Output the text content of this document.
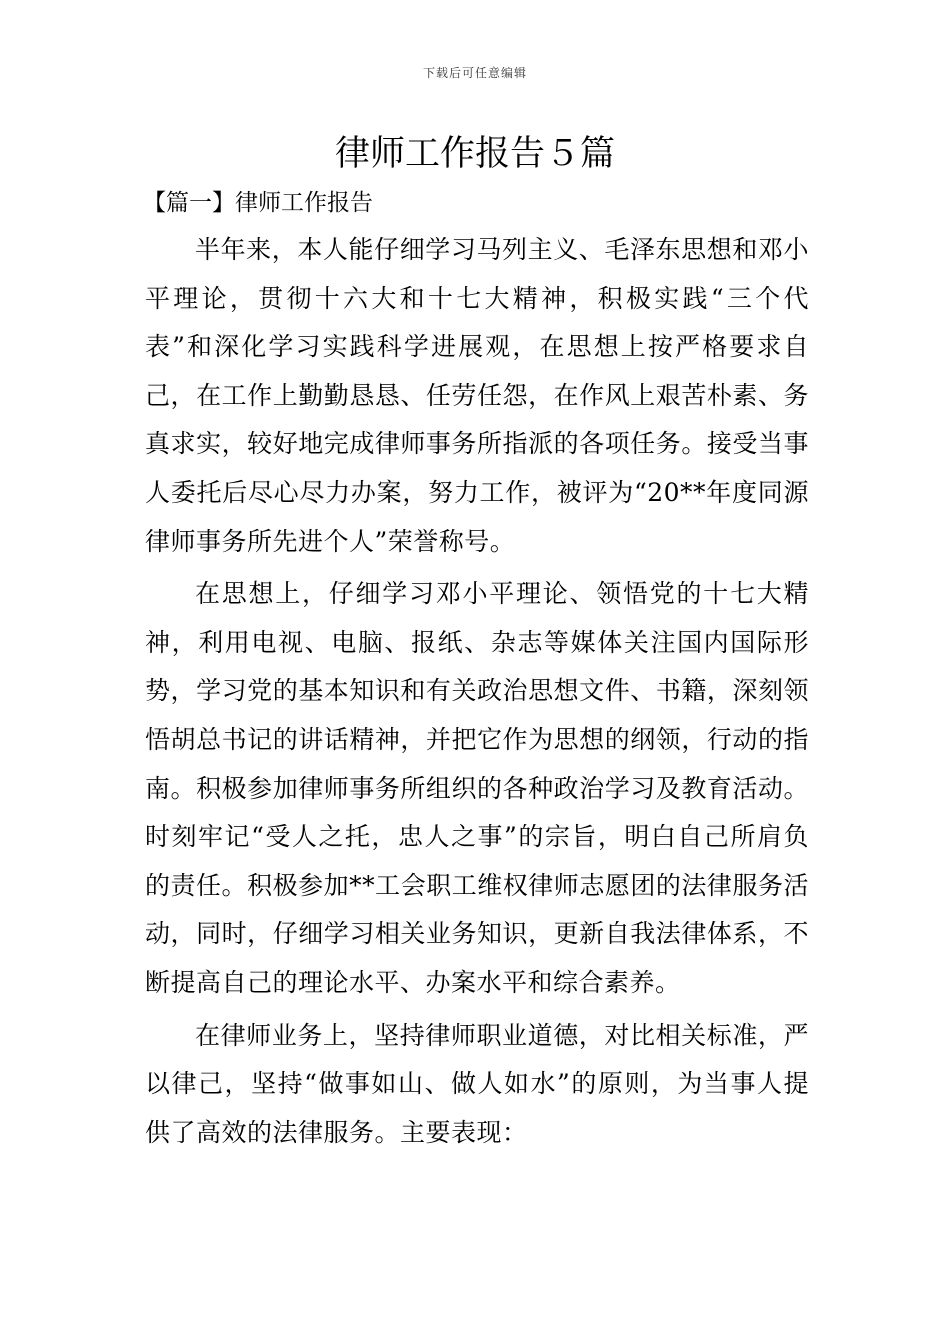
下载后可任意编辑
律师工作报告５篇
【篇一】律师工作报告

半年来，本人能仔细学习马列主义、毛泽东思想和邓小平理论，贯彻十六大和十七大精神，积极实践“三个代表”和深化学习实践科学进展观，在思想上按严格要求自己，在工作上勤勤恳恳、任劳任怨，在作风上艰苦朴素、务真求实，较好地完成律师事务所指派的各项任务。接受当事人委托后尽心尽力办案，努力工作，被评为“20**年度同源律师事务所先进个人”荣誉称号。

在思想上，仔细学习邓小平理论、领悟党的十七大精神，利用电视、电脑、报纸、杂志等媒体关注国内国际形势，学习党的基本知识和有关政治思想文件、书籍，深刻领悟胡总书记的讲话精神，并把它作为思想的纲领，行动的指南。积极参加律师事务所组织的各种政治学习及教育活动。时刻牢记“受人之托，忠人之事”的宗旨，明白自己所肩负的责任。积极参加**工会职工维权律师志愿团的法律服务活动，同时，仔细学习相关业务知识，更新自我法律体系，不断提高自己的理论水平、办案水平和综合素养。

在律师业务上，坚持律师职业道德，对比相关标准，严以律己，坚持“做事如山、做人如水”的原则，为当事人提供了高效的法律服务。主要表现：
